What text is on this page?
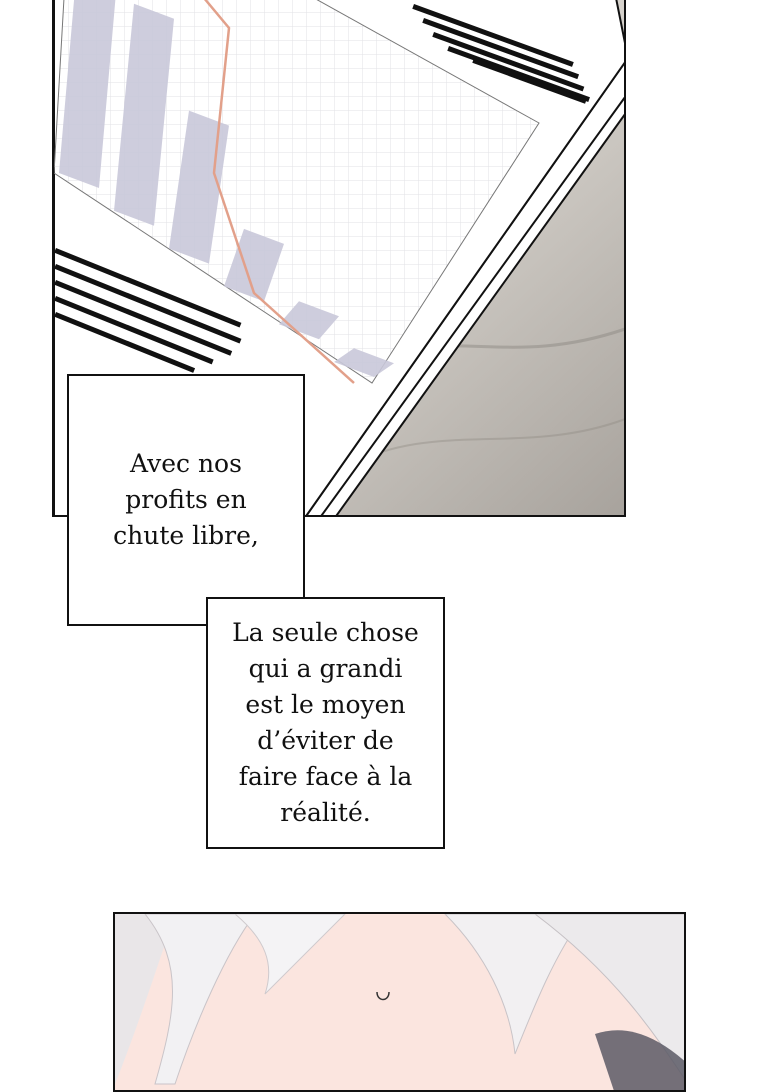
Avec nos
profits en
chute libre,
La seule chose
qui a grandi
est le moyen
d’éviter de
faire face à la
réalité.
